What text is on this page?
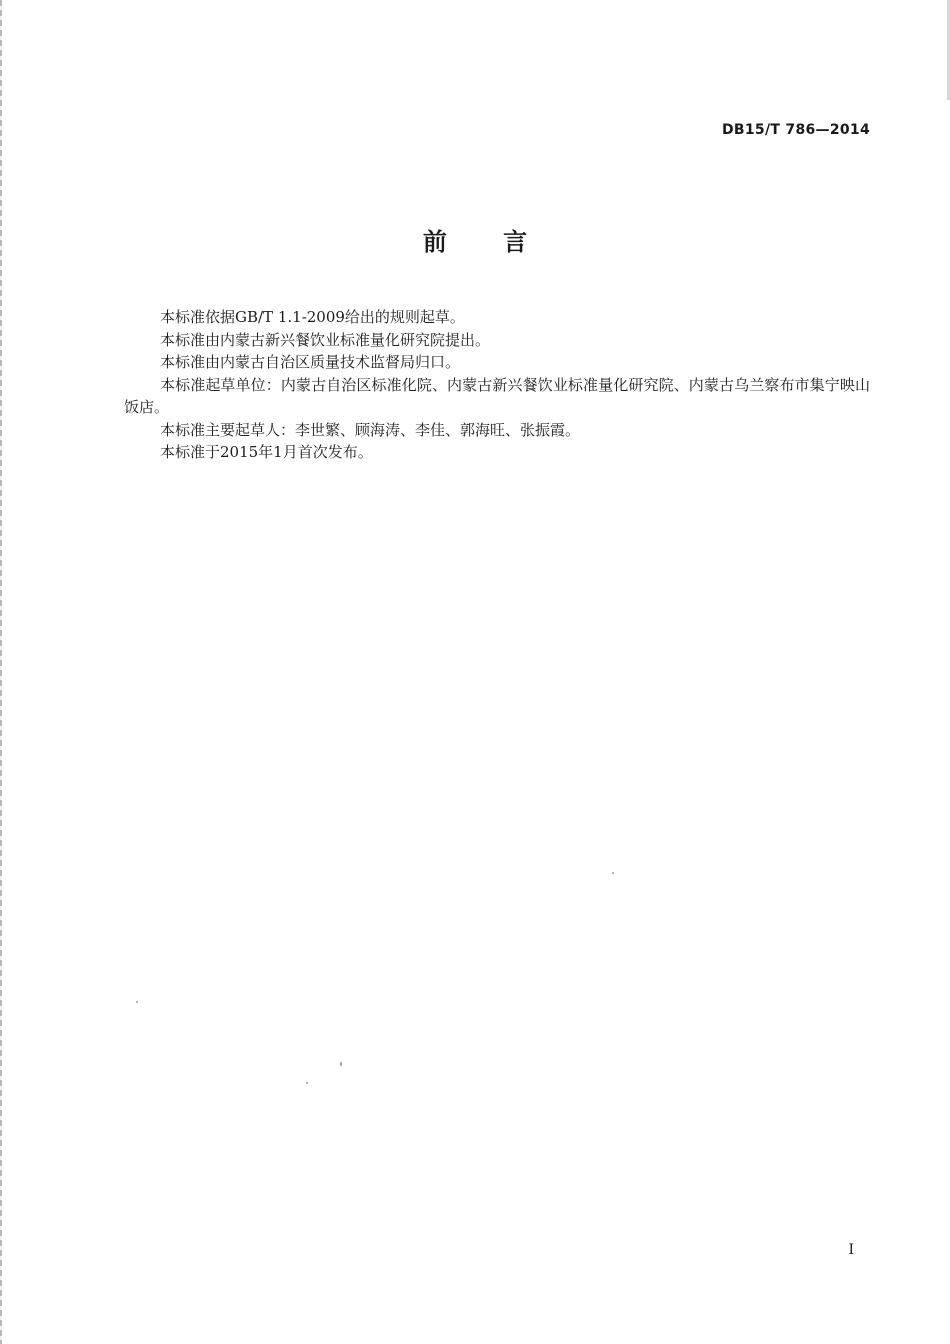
DB15/T 786—2014
前 言

本标准依据GB/T 1.1-2009给出的规则起草。

本标准由内蒙古新兴餐饮业标准量化研究院提出。

本标准由内蒙古自治区质量技术监督局归口。

本标准起草单位：内蒙古自治区标准化院、内蒙古新兴餐饮业标准量化研究院、内蒙古乌兰察布市集宁映山饭店。

本标准主要起草人：李世繁、顾海涛、李佳、郭海旺、张振霞。

本标准于2015年1月首次发布。

I
